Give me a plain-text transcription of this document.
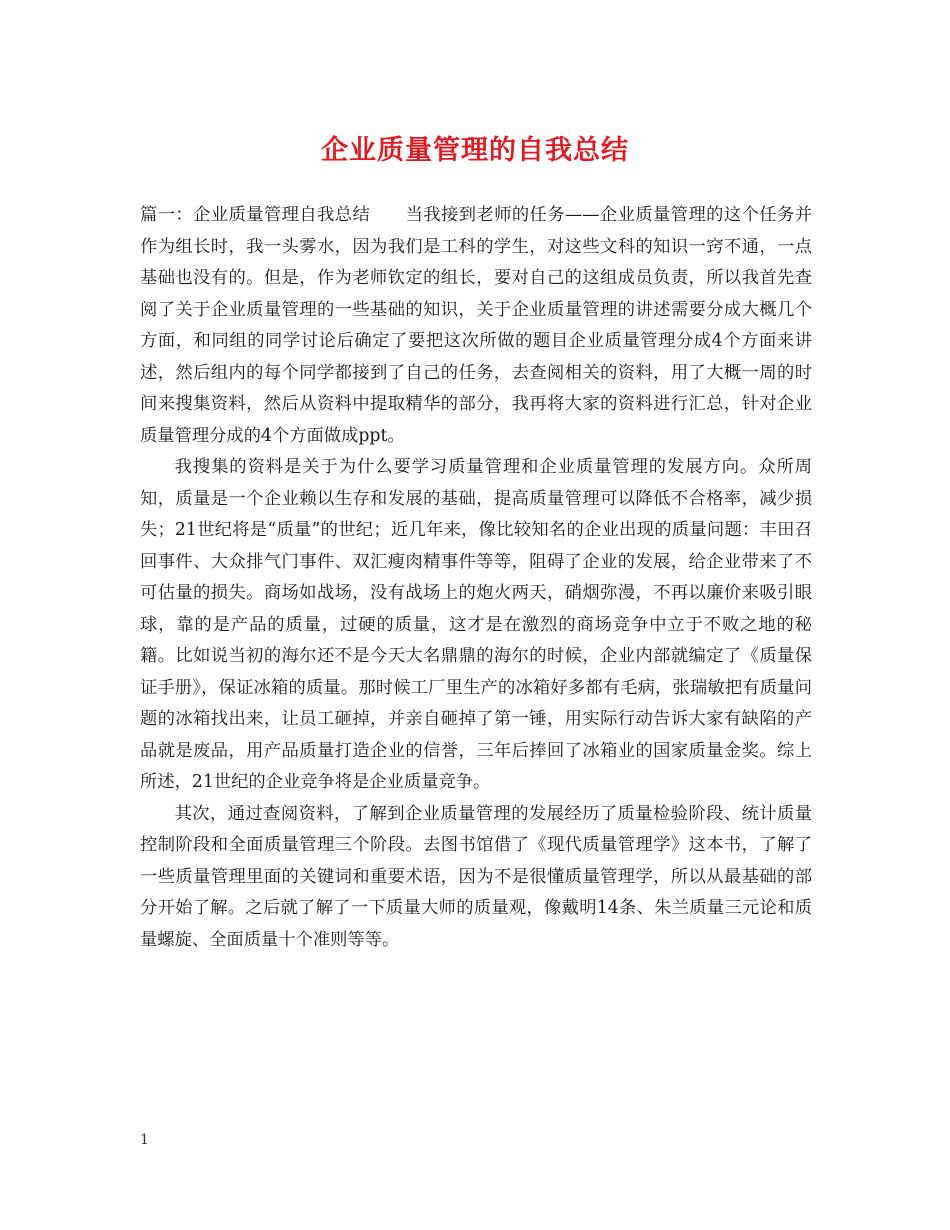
企业质量管理的自我总结

篇一：企业质量管理自我总结　　当我接到老师的任务——企业质量管理的这个任务并作为组长时，我一头雾水，因为我们是工科的学生，对这些文科的知识一窍不通，一点基础也没有的。但是，作为老师钦定的组长，要对自己的这组成员负责，所以我首先查阅了关于企业质量管理的一些基础的知识，关于企业质量管理的讲述需要分成大概几个方面，和同组的同学讨论后确定了要把这次所做的题目企业质量管理分成4个方面来讲述，然后组内的每个同学都接到了自己的任务，去查阅相关的资料，用了大概一周的时间来搜集资料，然后从资料中提取精华的部分，我再将大家的资料进行汇总，针对企业质量管理分成的4个方面做成ppt。

我搜集的资料是关于为什么要学习质量管理和企业质量管理的发展方向。众所周知，质量是一个企业赖以生存和发展的基础，提高质量管理可以降低不合格率，减少损失；21世纪将是“质量”的世纪；近几年来，像比较知名的企业出现的质量问题：丰田召回事件、大众排气门事件、双汇瘦肉精事件等等，阻碍了企业的发展，给企业带来了不可估量的损失。商场如战场，没有战场上的炮火两天，硝烟弥漫，不再以廉价来吸引眼球，靠的是产品的质量，过硬的质量，这才是在激烈的商场竞争中立于不败之地的秘籍。比如说当初的海尔还不是今天大名鼎鼎的海尔的时候，企业内部就编定了《质量保证手册》，保证冰箱的质量。那时候工厂里生产的冰箱好多都有毛病，张瑞敏把有质量问题的冰箱找出来，让员工砸掉，并亲自砸掉了第一锤，用实际行动告诉大家有缺陷的产品就是废品，用产品质量打造企业的信誉，三年后捧回了冰箱业的国家质量金奖。综上所述，21世纪的企业竞争将是企业质量竞争。

其次，通过查阅资料，了解到企业质量管理的发展经历了质量检验阶段、统计质量控制阶段和全面质量管理三个阶段。去图书馆借了《现代质量管理学》这本书，了解了一些质量管理里面的关键词和重要术语，因为不是很懂质量管理学，所以从最基础的部分开始了解。之后就了解了一下质量大师的质量观，像戴明14条、朱兰质量三元论和质量螺旋、全面质量十个准则等等。

1
